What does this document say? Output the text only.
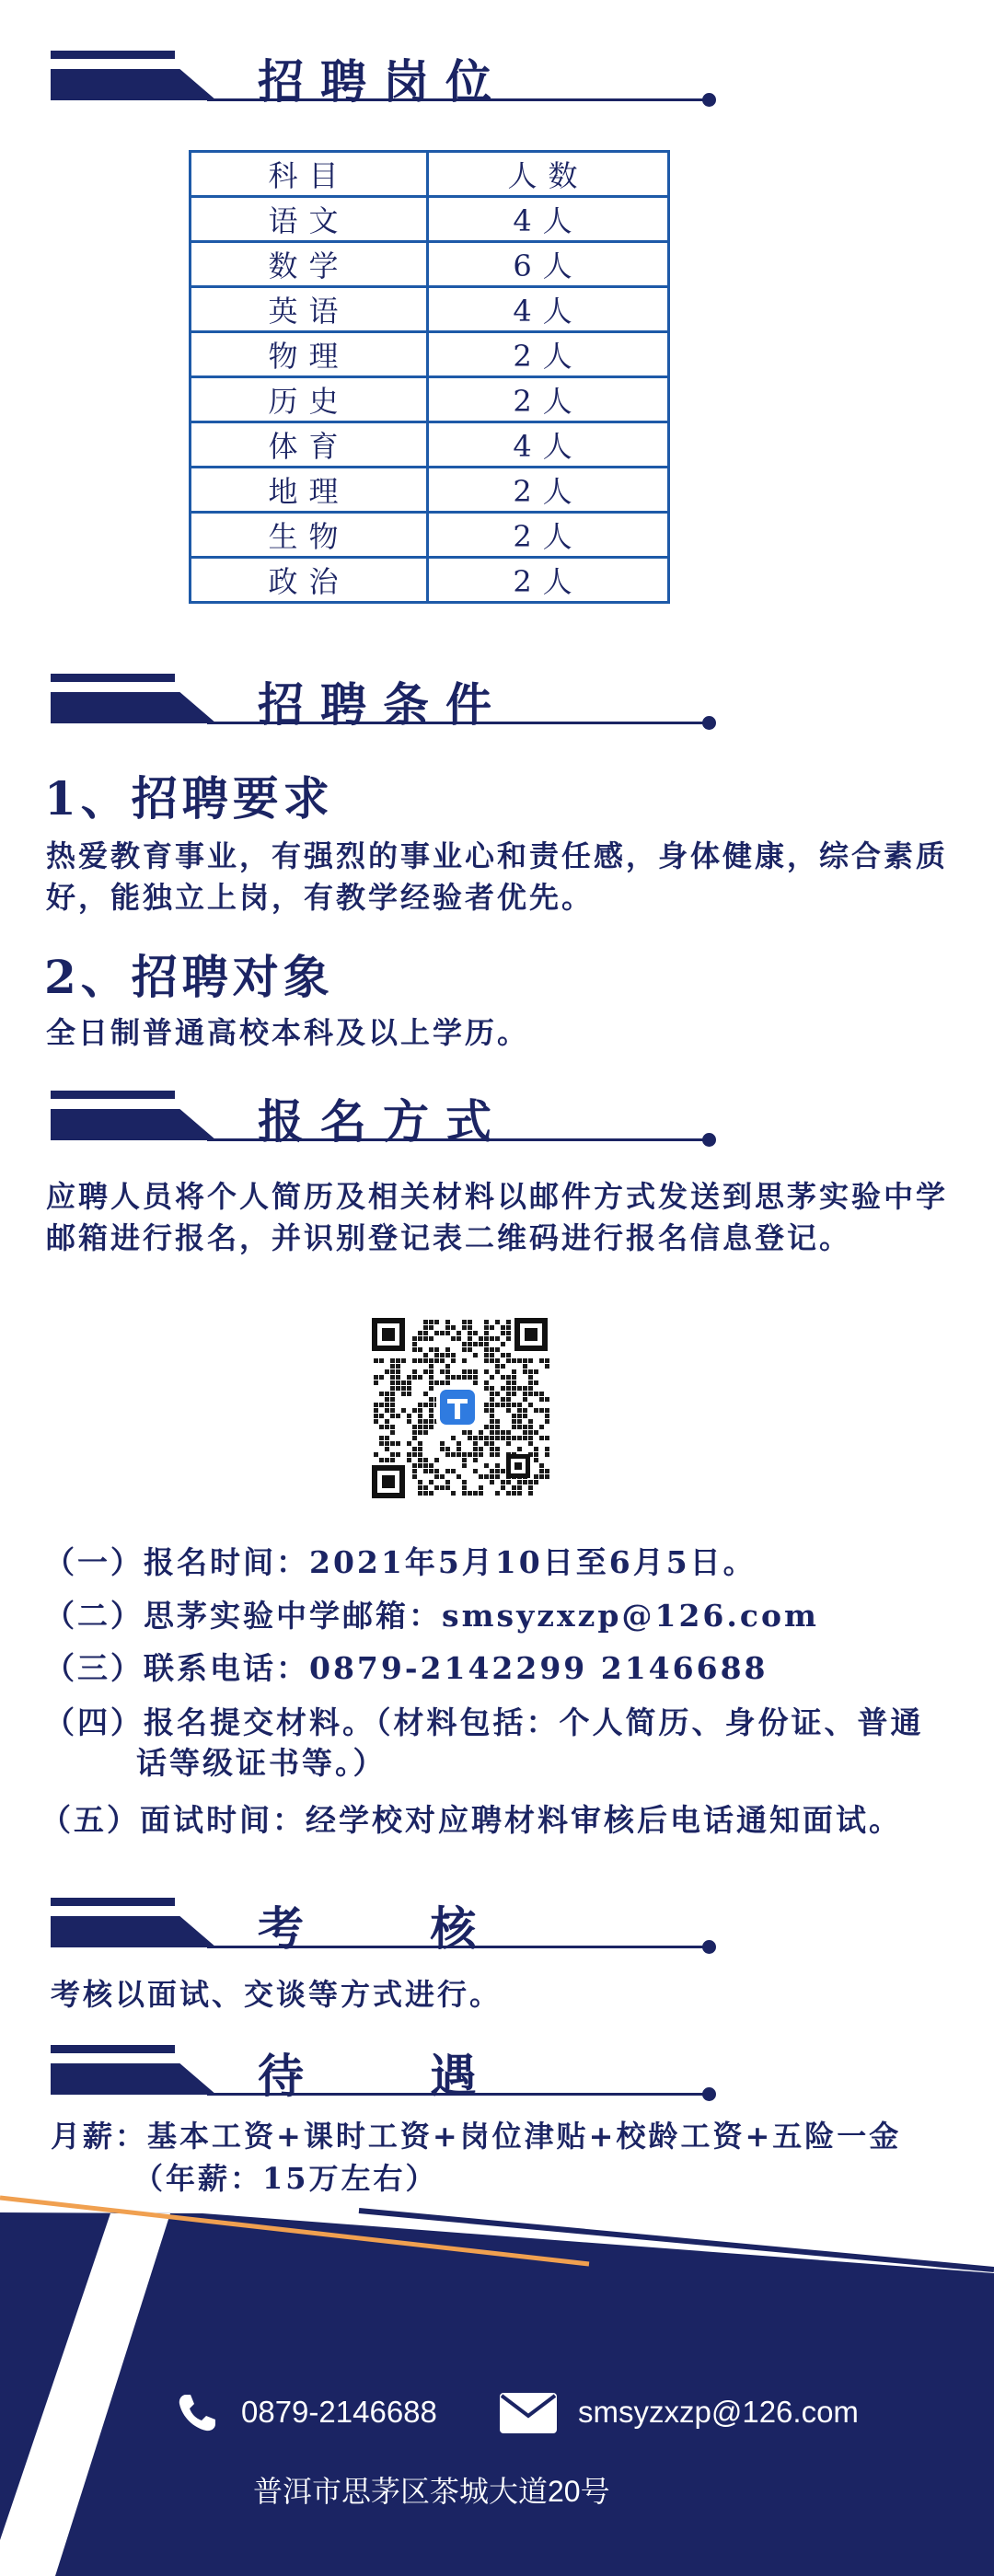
招聘岗位
科目	人数
语文	4人
数学	6人
英语	4人
物理	2人
历史	2人
体育	4人
地理	2人
生物	2人
政治	2人
招聘条件
1、招聘要求
热爱教育事业，有强烈的事业心和责任感，身体健康，综合素质好，能独立上岗，有教学经验者优先。
2、招聘对象
全日制普通高校本科及以上学历。
报名方式
应聘人员将个人简历及相关材料以邮件方式发送到思茅实验中学邮箱进行报名，并识别登记表二维码进行报名信息登记。
（一）报名时间：2021年5月10日至6月5日。
（二）思茅实验中学邮箱：smsyzxzp@126.com
（三）联系电话：0879-2142299 2146688
（四）报名提交材料。（材料包括：个人简历、身份证、普通
话等级证书等。）
（五）面试时间：经学校对应聘材料审核后电话通知面试。
考 核
考核以面试、交谈等方式进行。
待 遇
月薪：基本工资+课时工资+岗位津贴+校龄工资+五险一金
（年薪：15万左右）
0879-2146688	smsyzxzp@126.com
普洱市思茅区茶城大道20号
